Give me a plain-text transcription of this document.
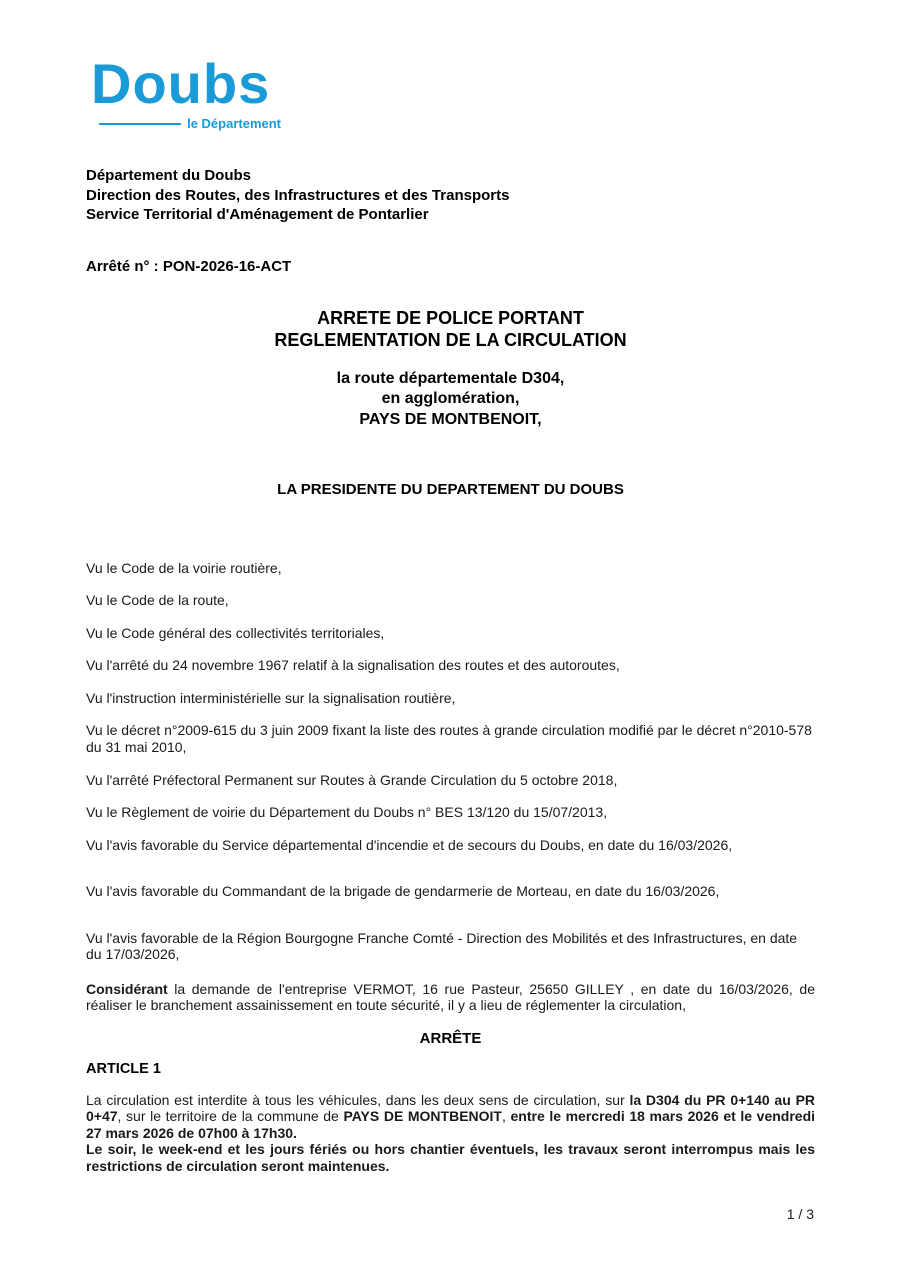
Doubs
le Département

Département du Doubs

Direction des Routes, des Infrastructures et des Transports

Service Territorial d'Aménagement de Pontarlier

Arrêté n° : PON-2026-16-ACT

ARRETE DE POLICE PORTANT

REGLEMENTATION DE LA CIRCULATION

la route départementale D304,

en agglomération,

PAYS DE MONTBENOIT,

LA PRESIDENTE DU DEPARTEMENT DU DOUBS

Vu le Code de la voirie routière,

Vu le Code de la route,

Vu le Code général des collectivités territoriales,

Vu l'arrêté du 24 novembre 1967 relatif à la signalisation des routes et des autoroutes,

Vu l'instruction interministérielle sur la signalisation routière,

Vu le décret n°2009-615 du 3 juin 2009 fixant la liste des routes à grande circulation modifié par le décret n°2010-578 du 31 mai 2010,

Vu l'arrêté Préfectoral Permanent sur Routes à Grande Circulation du 5 octobre 2018,

Vu le Règlement de voirie du Département du Doubs n° BES 13/120 du 15/07/2013,

Vu l'avis favorable du Service départemental d'incendie et de secours du Doubs, en date du 16/03/2026,

Vu l'avis favorable du Commandant de la brigade de gendarmerie de Morteau, en date du 16/03/2026,

Vu l'avis favorable de la Région Bourgogne Franche Comté - Direction des Mobilités et des Infrastructures, en date du 17/03/2026,

Considérant la demande de l'entreprise VERMOT, 16 rue Pasteur, 25650 GILLEY , en date du 16/03/2026, de réaliser le branchement assainissement en toute sécurité, il y a lieu de réglementer la circulation,

ARRÊTE

ARTICLE 1

La circulation est interdite à tous les véhicules, dans les deux sens de circulation, sur la D304 du PR 0+140 au PR 0+47, sur le territoire de la commune de PAYS DE MONTBENOIT, entre le mercredi 18 mars 2026 et le vendredi 27 mars 2026 de 07h00 à 17h30.

Le soir, le week-end et les jours fériés ou hors chantier éventuels, les travaux seront interrompus mais les restrictions de circulation seront maintenues.

1 / 3
